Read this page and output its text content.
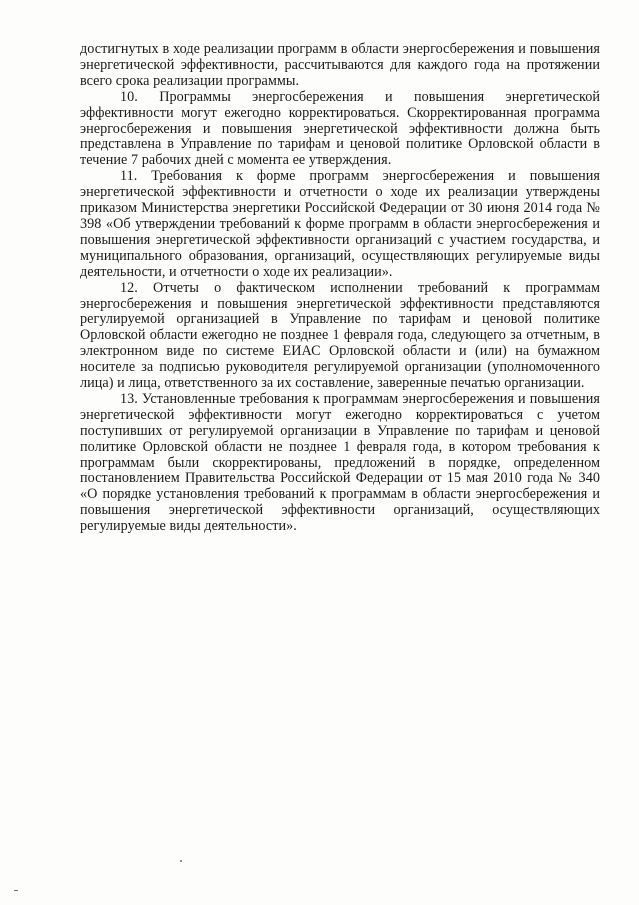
достигнутых в ходе реализации программ в области энергосбережения и повышения энергетической эффективности, рассчитываются для каждого года на протяжении всего срока реализации программы.

10. Программы энергосбережения и повышения энергетической эффективности могут ежегодно корректироваться. Скорректированная программа энергосбережения и повышения энергетической эффективности должна быть представлена в Управление по тарифам и ценовой политике Орловской области в течение 7 рабочих дней с момента ее утверждения.

11. Требования к форме программ энергосбережения и повышения энергетической эффективности и отчетности о ходе их реализации утверждены приказом Министерства энергетики Российской Федерации от 30 июня 2014 года № 398 «Об утверждении требований к форме программ в области энергосбережения и повышения энергетической эффективности организаций с участием государства, и муниципального образования, организаций, осуществляющих регулируемые виды деятельности, и отчетности о ходе их реализации».

12. Отчеты о фактическом исполнении требований к программам энергосбережения и повышения энергетической эффективности представляются регулируемой организацией в Управление по тарифам и ценовой политике Орловской области ежегодно не позднее 1 февраля года, следующего за отчетным, в электронном виде по системе ЕИАС Орловской области и (или) на бумажном носителе за подписью руководителя регулируемой организации (уполномоченного лица) и лица, ответственного за их составление, заверенные печатью организации.

13. Установленные требования к программам энергосбережения и повышения энергетической эффективности могут ежегодно корректироваться с учетом поступивших от регулируемой организации в Управление по тарифам и ценовой политике Орловской области не позднее 1 февраля года, в котором требования к программам были скорректированы, предложений в порядке, определенном постановлением Правительства Российской Федерации от 15 мая 2010 года № 340 «О порядке установления требований к программам в области энергосбережения и повышения энергетической эффективности организаций, осуществляющих регулируемые виды деятельности».
